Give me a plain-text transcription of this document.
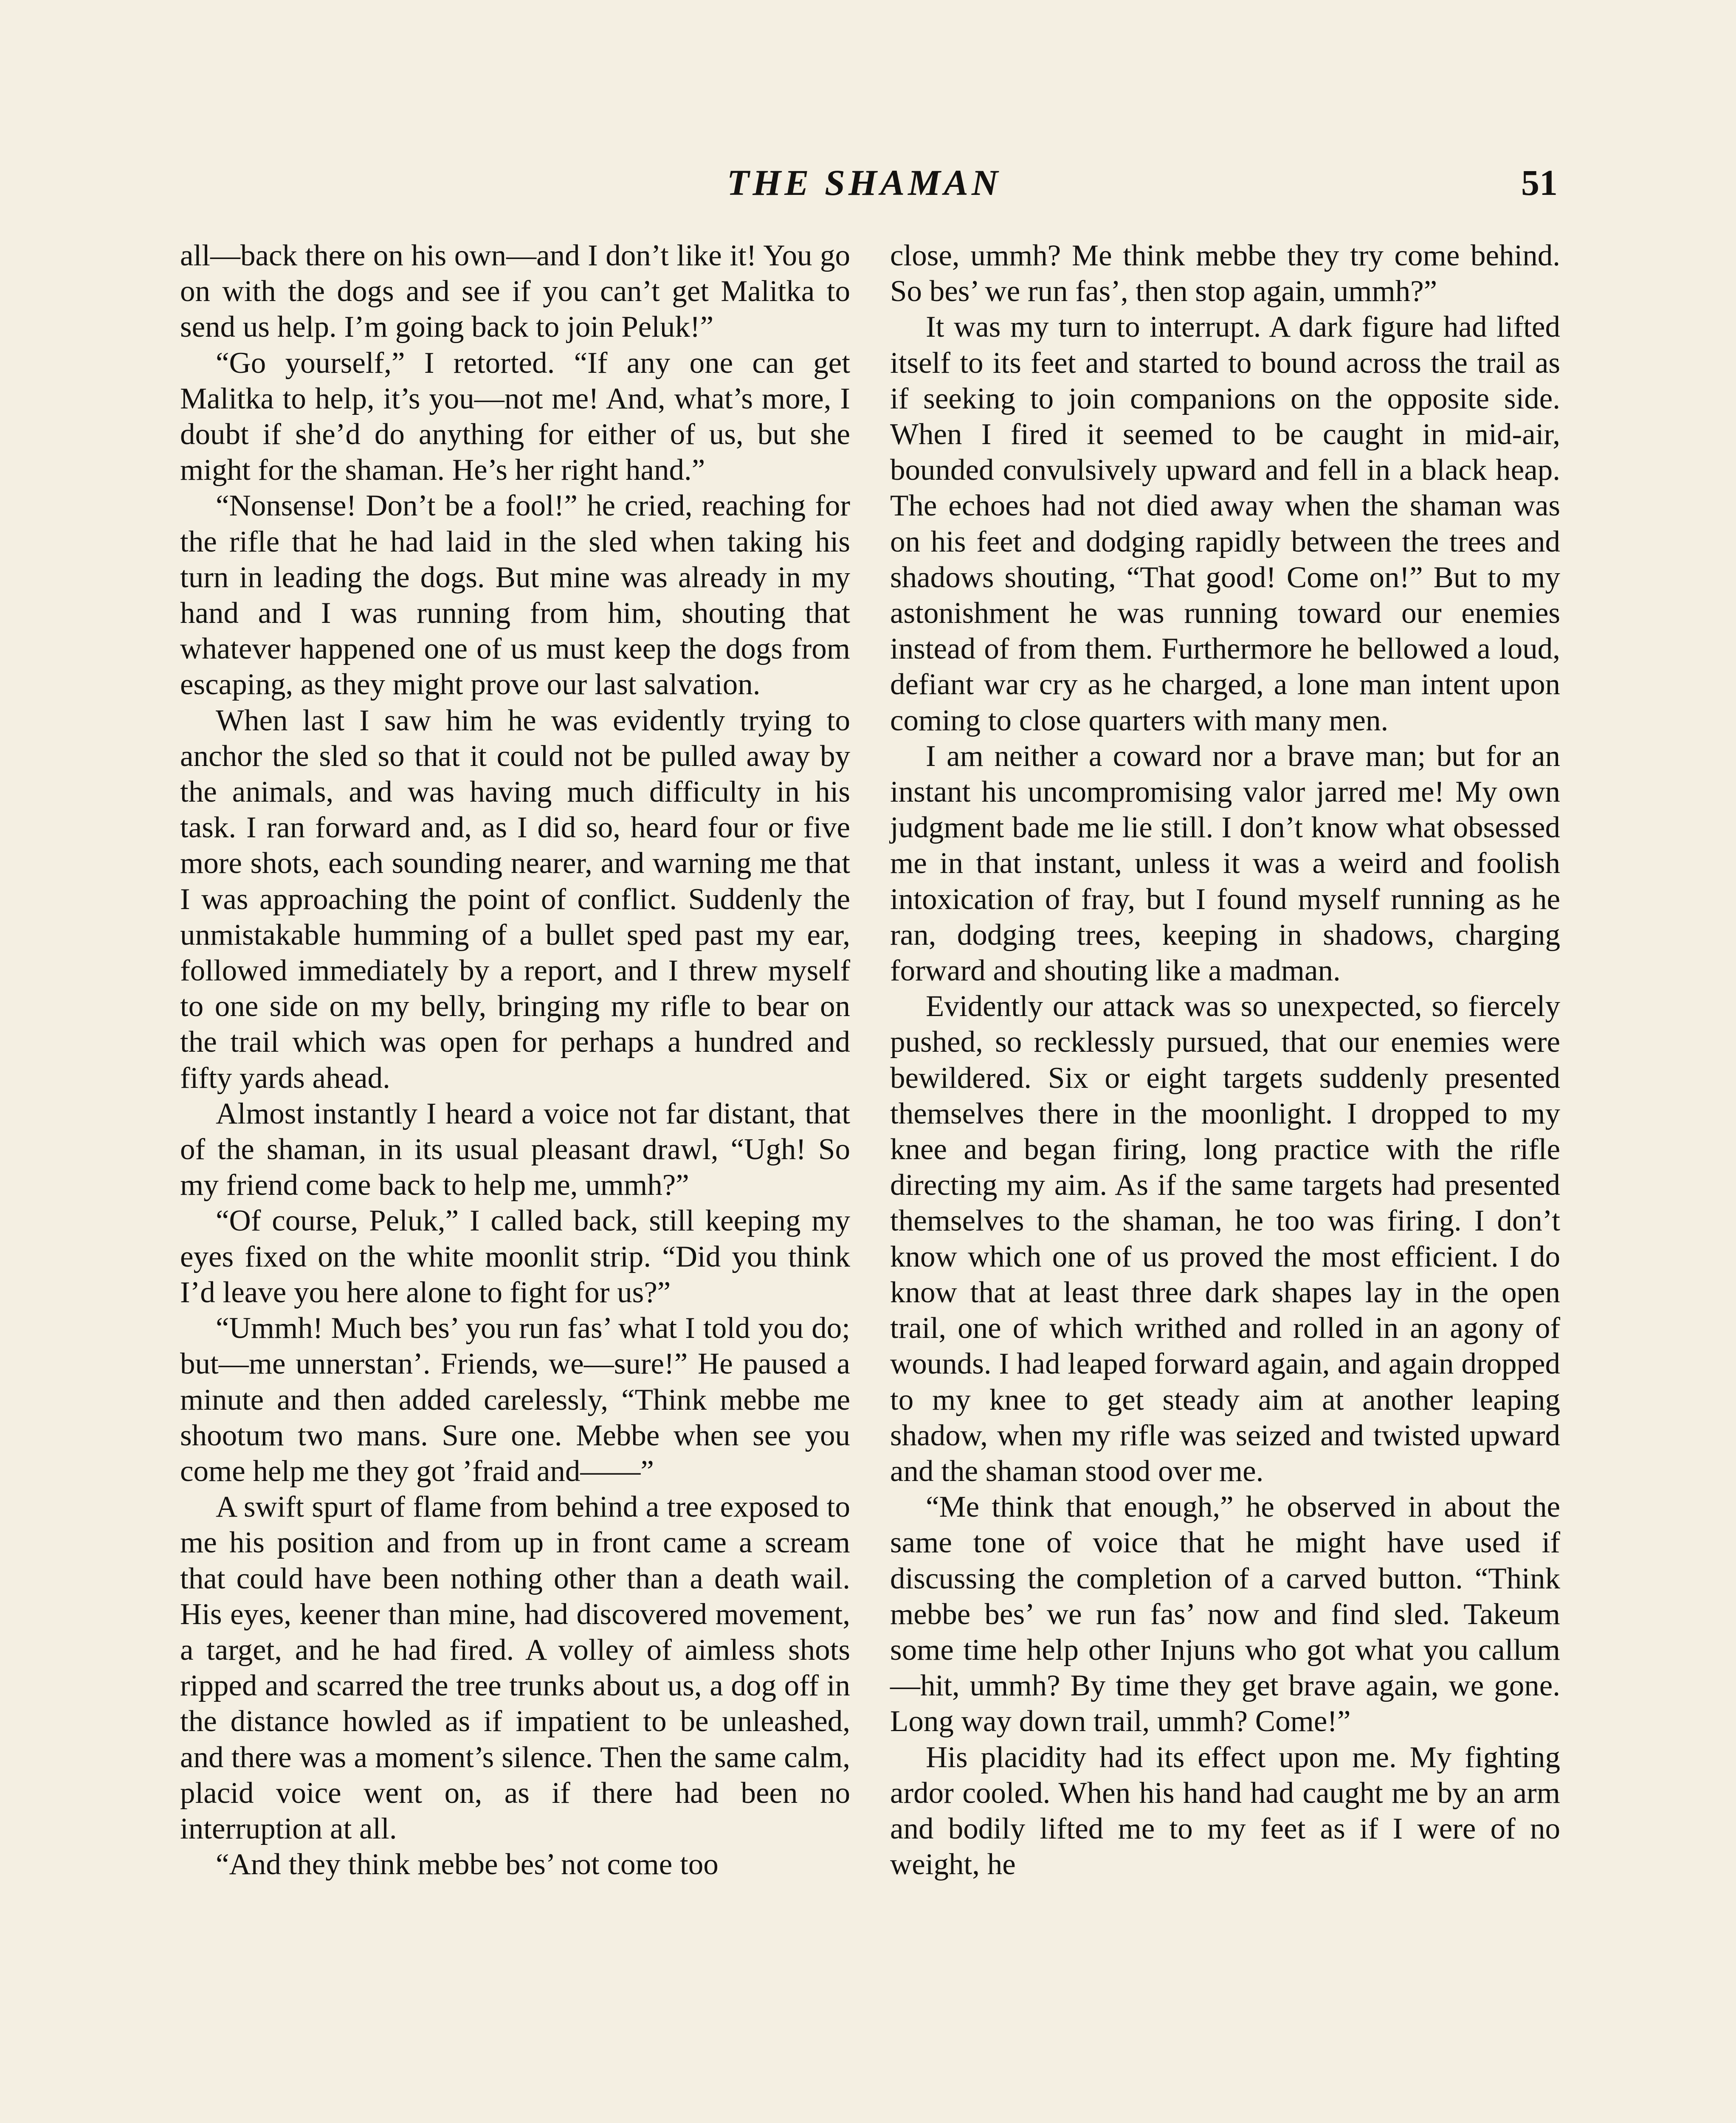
THE SHAMAN	51

all—back there on his own—and I don’t like it! You go on with the dogs and see if you can’t get Malitka to send us help. I’m going back to join Peluk!”

“Go yourself,” I retorted. “If any one can get Malitka to help, it’s you—not me! And, what’s more, I doubt if she’d do anything for either of us, but she might for the shaman. He’s her right hand.”

“Nonsense! Don’t be a fool!” he cried, reaching for the rifle that he had laid in the sled when taking his turn in leading the dogs. But mine was already in my hand and I was running from him, shouting that whatever happened one of us must keep the dogs from escaping, as they might prove our last salvation.

When last I saw him he was evidently trying to anchor the sled so that it could not be pulled away by the animals, and was having much difficulty in his task. I ran forward and, as I did so, heard four or five more shots, each sounding nearer, and warning me that I was approaching the point of conflict. Suddenly the unmistakable humming of a bullet sped past my ear, followed immediately by a report, and I threw myself to one side on my belly, bringing my rifle to bear on the trail which was open for perhaps a hundred and fifty yards ahead.

Almost instantly I heard a voice not far distant, that of the shaman, in its usual pleasant drawl, “Ugh! So my friend come back to help me, ummh?”

“Of course, Peluk,” I called back, still keeping my eyes fixed on the white moonlit strip. “Did you think I’d leave you here alone to fight for us?”

“Ummh! Much bes’ you run fas’ what I told you do; but—me unnerstan’. Friends, we—sure!” He paused a minute and then added carelessly, “Think mebbe me shootum two mans. Sure one. Mebbe when see you come help me they got ’fraid and——”

A swift spurt of flame from behind a tree exposed to me his position and from up in front came a scream that could have been nothing other than a death wail. His eyes, keener than mine, had discovered movement, a target, and he had fired. A volley of aimless shots ripped and scarred the tree trunks about us, a dog off in the distance howled as if impatient to be unleashed, and there was a moment’s silence. Then the same calm, placid voice went on, as if there had been no interruption at all.

“And they think mebbe bes’ not come too

close, ummh? Me think mebbe they try come behind. So bes’ we run fas’, then stop again, ummh?”

It was my turn to interrupt. A dark figure had lifted itself to its feet and started to bound across the trail as if seeking to join companions on the opposite side. When I fired it seemed to be caught in mid-air, bounded convulsively upward and fell in a black heap. The echoes had not died away when the shaman was on his feet and dodging rapidly between the trees and shadows shouting, “That good! Come on!” But to my astonishment he was running toward our enemies instead of from them. Furthermore he bellowed a loud, defiant war cry as he charged, a lone man intent upon coming to close quarters with many men.

I am neither a coward nor a brave man; but for an instant his uncompromising valor jarred me! My own judgment bade me lie still. I don’t know what obsessed me in that instant, unless it was a weird and foolish intoxication of fray, but I found myself running as he ran, dodging trees, keeping in shadows, charging forward and shouting like a madman.

Evidently our attack was so unexpected, so fiercely pushed, so recklessly pursued, that our enemies were bewildered. Six or eight targets suddenly presented themselves there in the moonlight. I dropped to my knee and began firing, long practice with the rifle directing my aim. As if the same targets had presented themselves to the shaman, he too was firing. I don’t know which one of us proved the most efficient. I do know that at least three dark shapes lay in the open trail, one of which writhed and rolled in an agony of wounds. I had leaped forward again, and again dropped to my knee to get steady aim at another leaping shadow, when my rifle was seized and twisted upward and the shaman stood over me.

“Me think that enough,” he observed in about the same tone of voice that he might have used if discussing the completion of a carved button. “Think mebbe bes’ we run fas’ now and find sled. Takeum some time help other Injuns who got what you callum —hit, ummh? By time they get brave again, we gone. Long way down trail, ummh? Come!”

His placidity had its effect upon me. My fighting ardor cooled. When his hand had caught me by an arm and bodily lifted me to my feet as if I were of no weight, he
